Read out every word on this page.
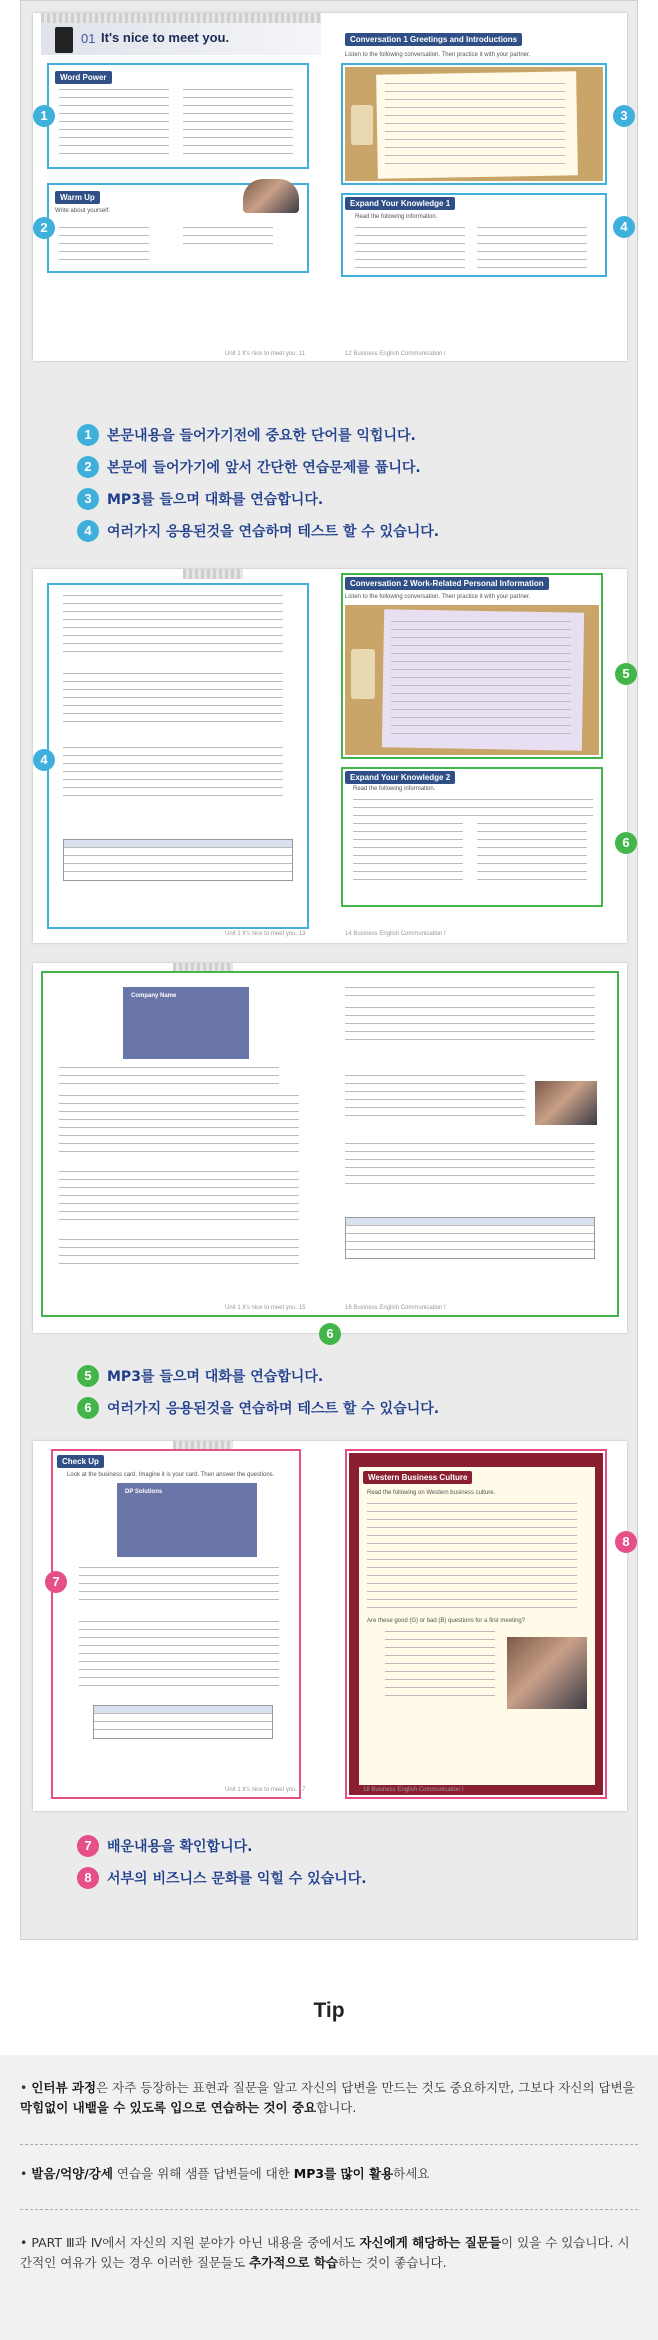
01 It's nice to meet you.
Word Power
1
Warm Up
Write about yourself.
2
Unit 1 It's nice to meet you. 11
Conversation 1 Greetings and Introductions
Listen to the following conversation. Then practice it with your partner.
3
Expand Your Knowledge 1
Read the following information.
4
12 Business English Communication I
1	본문내용을 들어가기전에 중요한 단어를 익힙니다.
2	본문에 들어가기에 앞서 간단한 연습문제를 풉니다.
3	MP3를 들으며 대화를 연습합니다.
4	여러가지 응용된것을 연습하며 테스트 할 수 있습니다.
4
Unit 1 It's nice to meet you. 13
Conversation 2 Work-Related Personal Information
Listen to the following conversation. Then practice it with your partner.
5
Expand Your Knowledge 2
Read the following information.
6
14 Business English Communication I
Company Name
Unit 1 It's nice to meet you. 15	16 Business English Communication I
6
5	MP3를 들으며 대화를 연습합니다.
6	여러가지 응용된것을 연습하며 테스트 할 수 있습니다.
Check Up
Look at the business card. Imagine it is your card. Then answer the questions.
DP Solutions
7
Unit 1 It's nice to meet you. 17
Western Business Culture
Read the following on Western business culture.
Are these good (G) or bad (B) questions for a first meeting?
8
18 Business English Communication I
7	배운내용을 확인합니다.
8	서부의 비즈니스 문화를 익힐 수 있습니다.
Tip
• 인터뷰 과정은 자주 등장하는 표현과 질문을 알고 자신의 답변을 만드는 것도 중요하지만, 그보다 자신의 답변을 막힘없이 내뱉을 수 있도록 입으로 연습하는 것이 중요합니다.
• 발음/억양/강세 연습을 위해 샘플 답변들에 대한 MP3를 많이 활용하세요
• PART Ⅲ과 Ⅳ에서 자신의 지원 분야가 아닌 내용을 중에서도 자신에게 해당하는 질문들이 있을 수 있습니다. 시간적인 여유가 있는 경우 이러한 질문들도 추가적으로 학습하는 것이 좋습니다.
